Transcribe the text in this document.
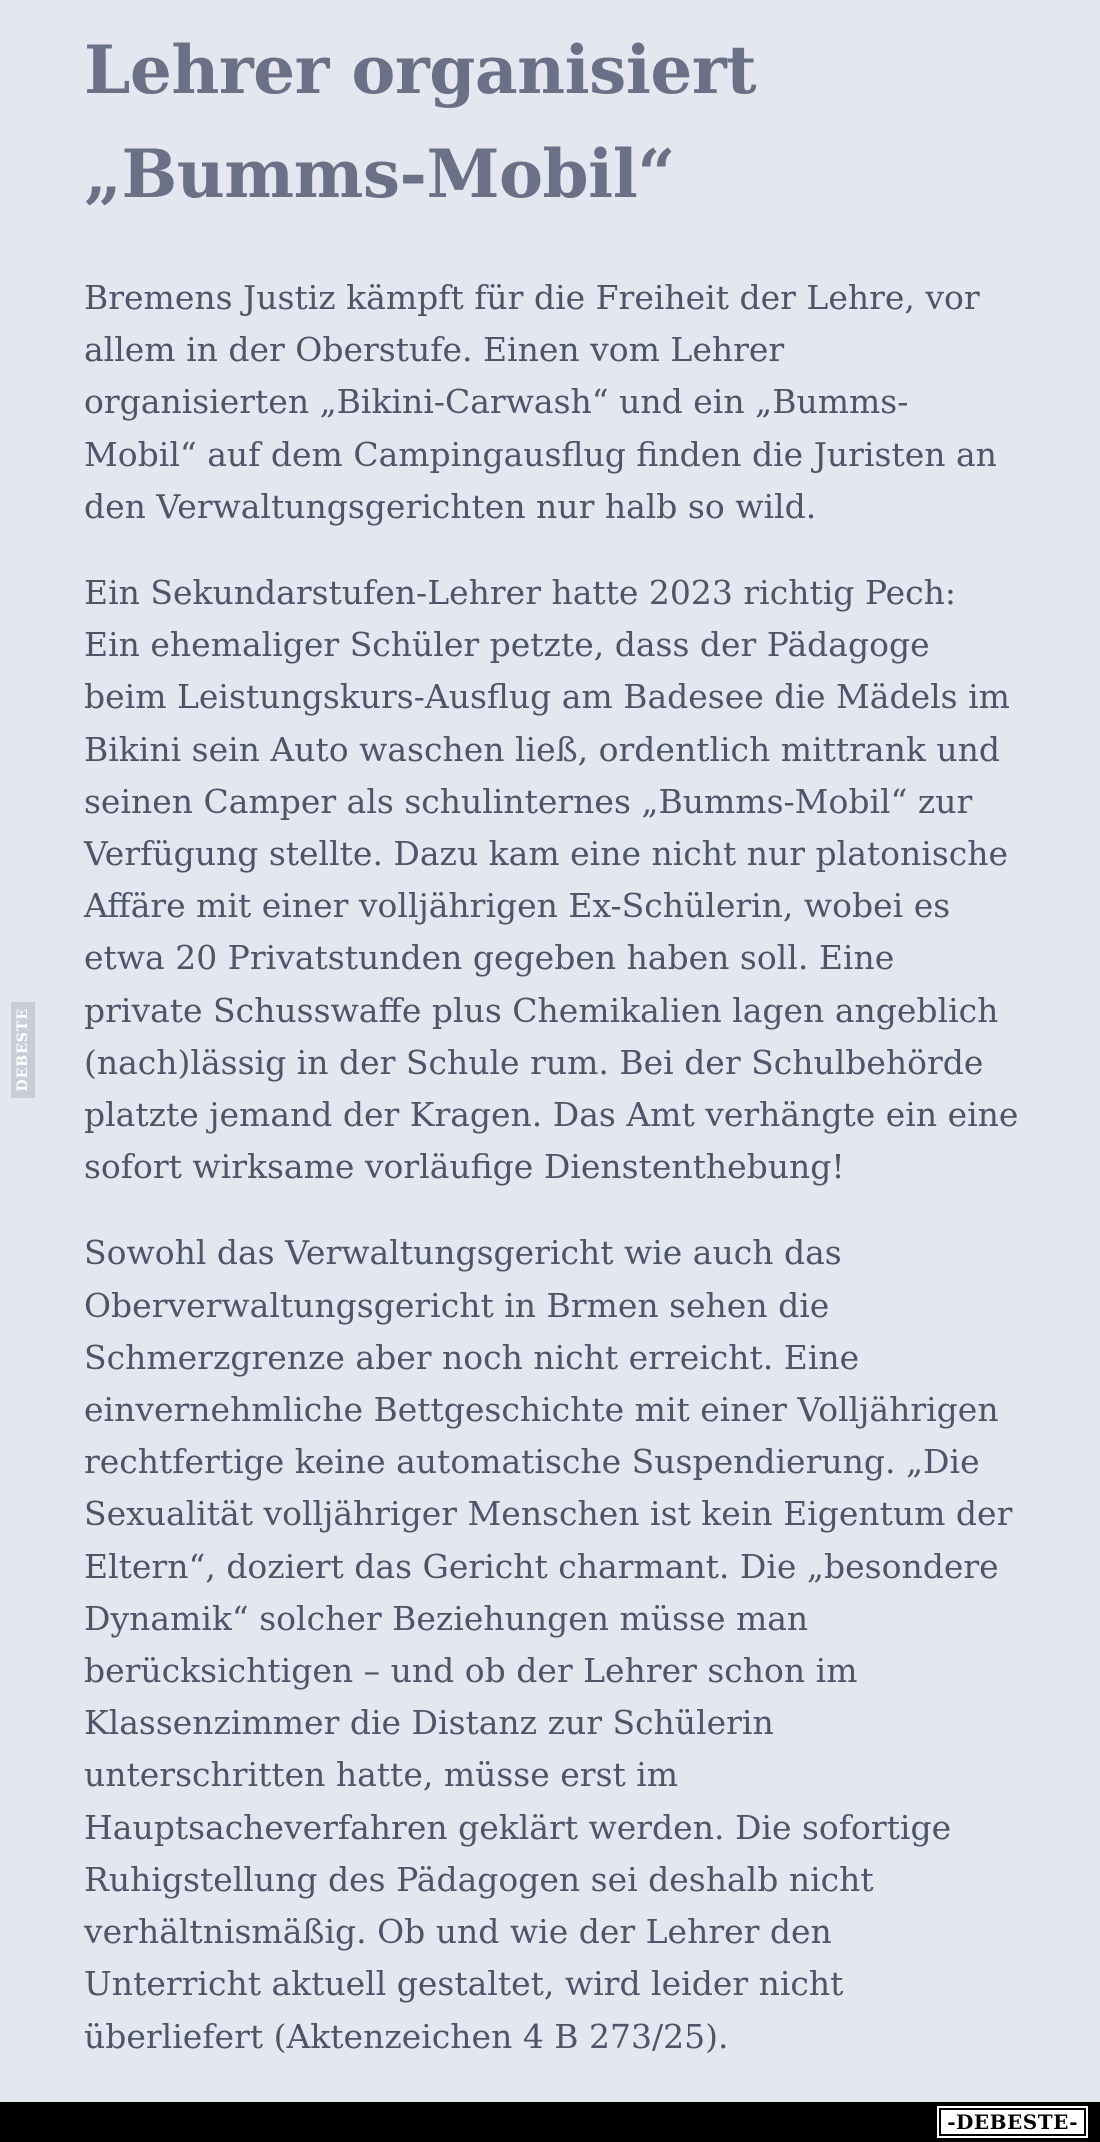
Lehrer organisiert
„Bumms-Mobil“

Bremens Justiz kämpft für die Freiheit der Lehre, vor allem in der Oberstufe. Einen vom Lehrer organisierten „Bikini-Carwash“ und ein „Bumms-Mobil“ auf dem Campingausflug finden die Juristen an den Verwaltungsgerichten nur halb so wild.

Ein Sekundarstufen-Lehrer hatte 2023 richtig Pech: Ein ehemaliger Schüler petzte, dass der Pädagoge beim Leistungskurs-Ausflug am Badesee die Mädels im Bikini sein Auto waschen ließ, ordentlich mittrank und seinen Camper als schulinternes „Bumms-Mobil“ zur Verfügung stellte. Dazu kam eine nicht nur platonische Affäre mit einer volljährigen Ex-Schülerin, wobei es etwa 20 Privatstunden gegeben haben soll. Eine private Schusswaffe plus Chemikalien lagen angeblich (nach)lässig in der Schule rum. Bei der Schulbehörde platzte jemand der Kragen. Das Amt verhängte ein eine sofort wirksame vorläufige Dienstenthebung!

Sowohl das Verwaltungsgericht wie auch das Oberverwaltungsgericht in Brmen sehen die Schmerzgrenze aber noch nicht erreicht. Eine einvernehmliche Bettgeschichte mit einer Volljährigen rechtfertige keine automatische Suspendierung. „Die Sexualität volljähriger Menschen ist kein Eigentum der Eltern“, doziert das Gericht charmant. Die „besondere Dynamik“ solcher Beziehungen müsse man berücksichtigen – und ob der Lehrer schon im Klassenzimmer die Distanz zur Schülerin unterschritten hatte, müsse erst im Hauptsacheverfahren geklärt werden. Die sofortige Ruhigstellung des Pädagogen sei deshalb nicht verhältnismäßig. Ob und wie der Lehrer den Unterricht aktuell gestaltet, wird leider nicht überliefert (Aktenzeichen 4 B 273/25).

DEBESTE
-DEBESTE-
